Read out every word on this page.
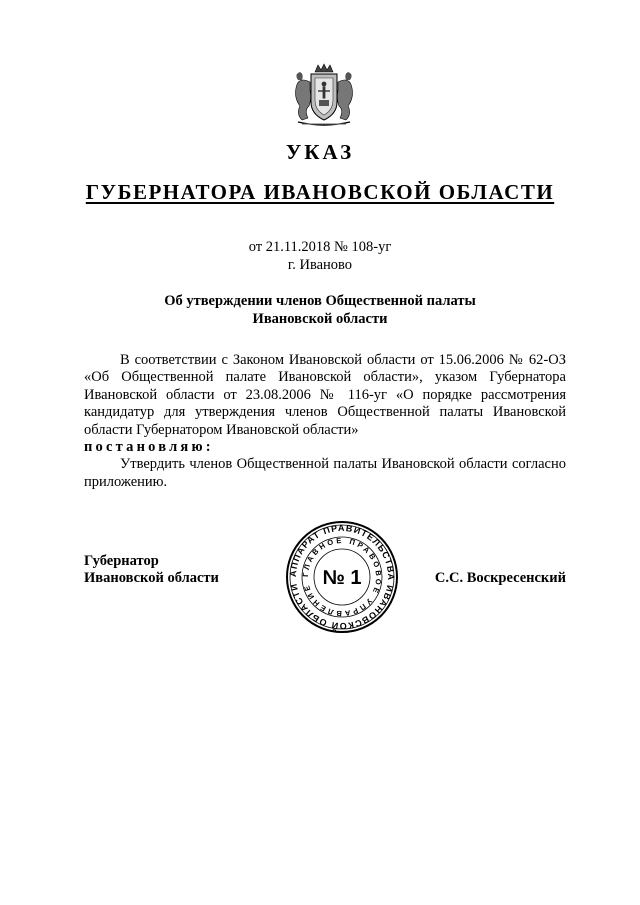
УКАЗ
ГУБЕРНАТОРА ИВАНОВСКОЙ ОБЛАСТИ
от 21.11.2018 № 108-уг
г. Иваново
Об утверждении членов Общественной палаты
Ивановской области

В соответствии с Законом Ивановской области от 15.06.2006 № 62-ОЗ «Об Общественной палате Ивановской области», указом Губернатора Ивановской области от 23.08.2006 № 116-уг «О порядке рассмотрения кандидатур для утверждения членов Общественной палаты Ивановской области Губернатором Ивановской области»

постановляю:

Утвердить членов Общественной палаты Ивановской области согласно приложению.

Губернатор
Ивановской области	АППАРАТ ПРАВИТЕЛЬСТВА ИВАНОВСКОЙ ОБЛАСТИ
ГЛАВНОЕ ПРАВОВОЕ УПРАВЛЕНИЕ № 1	С.С. Воскресенский
